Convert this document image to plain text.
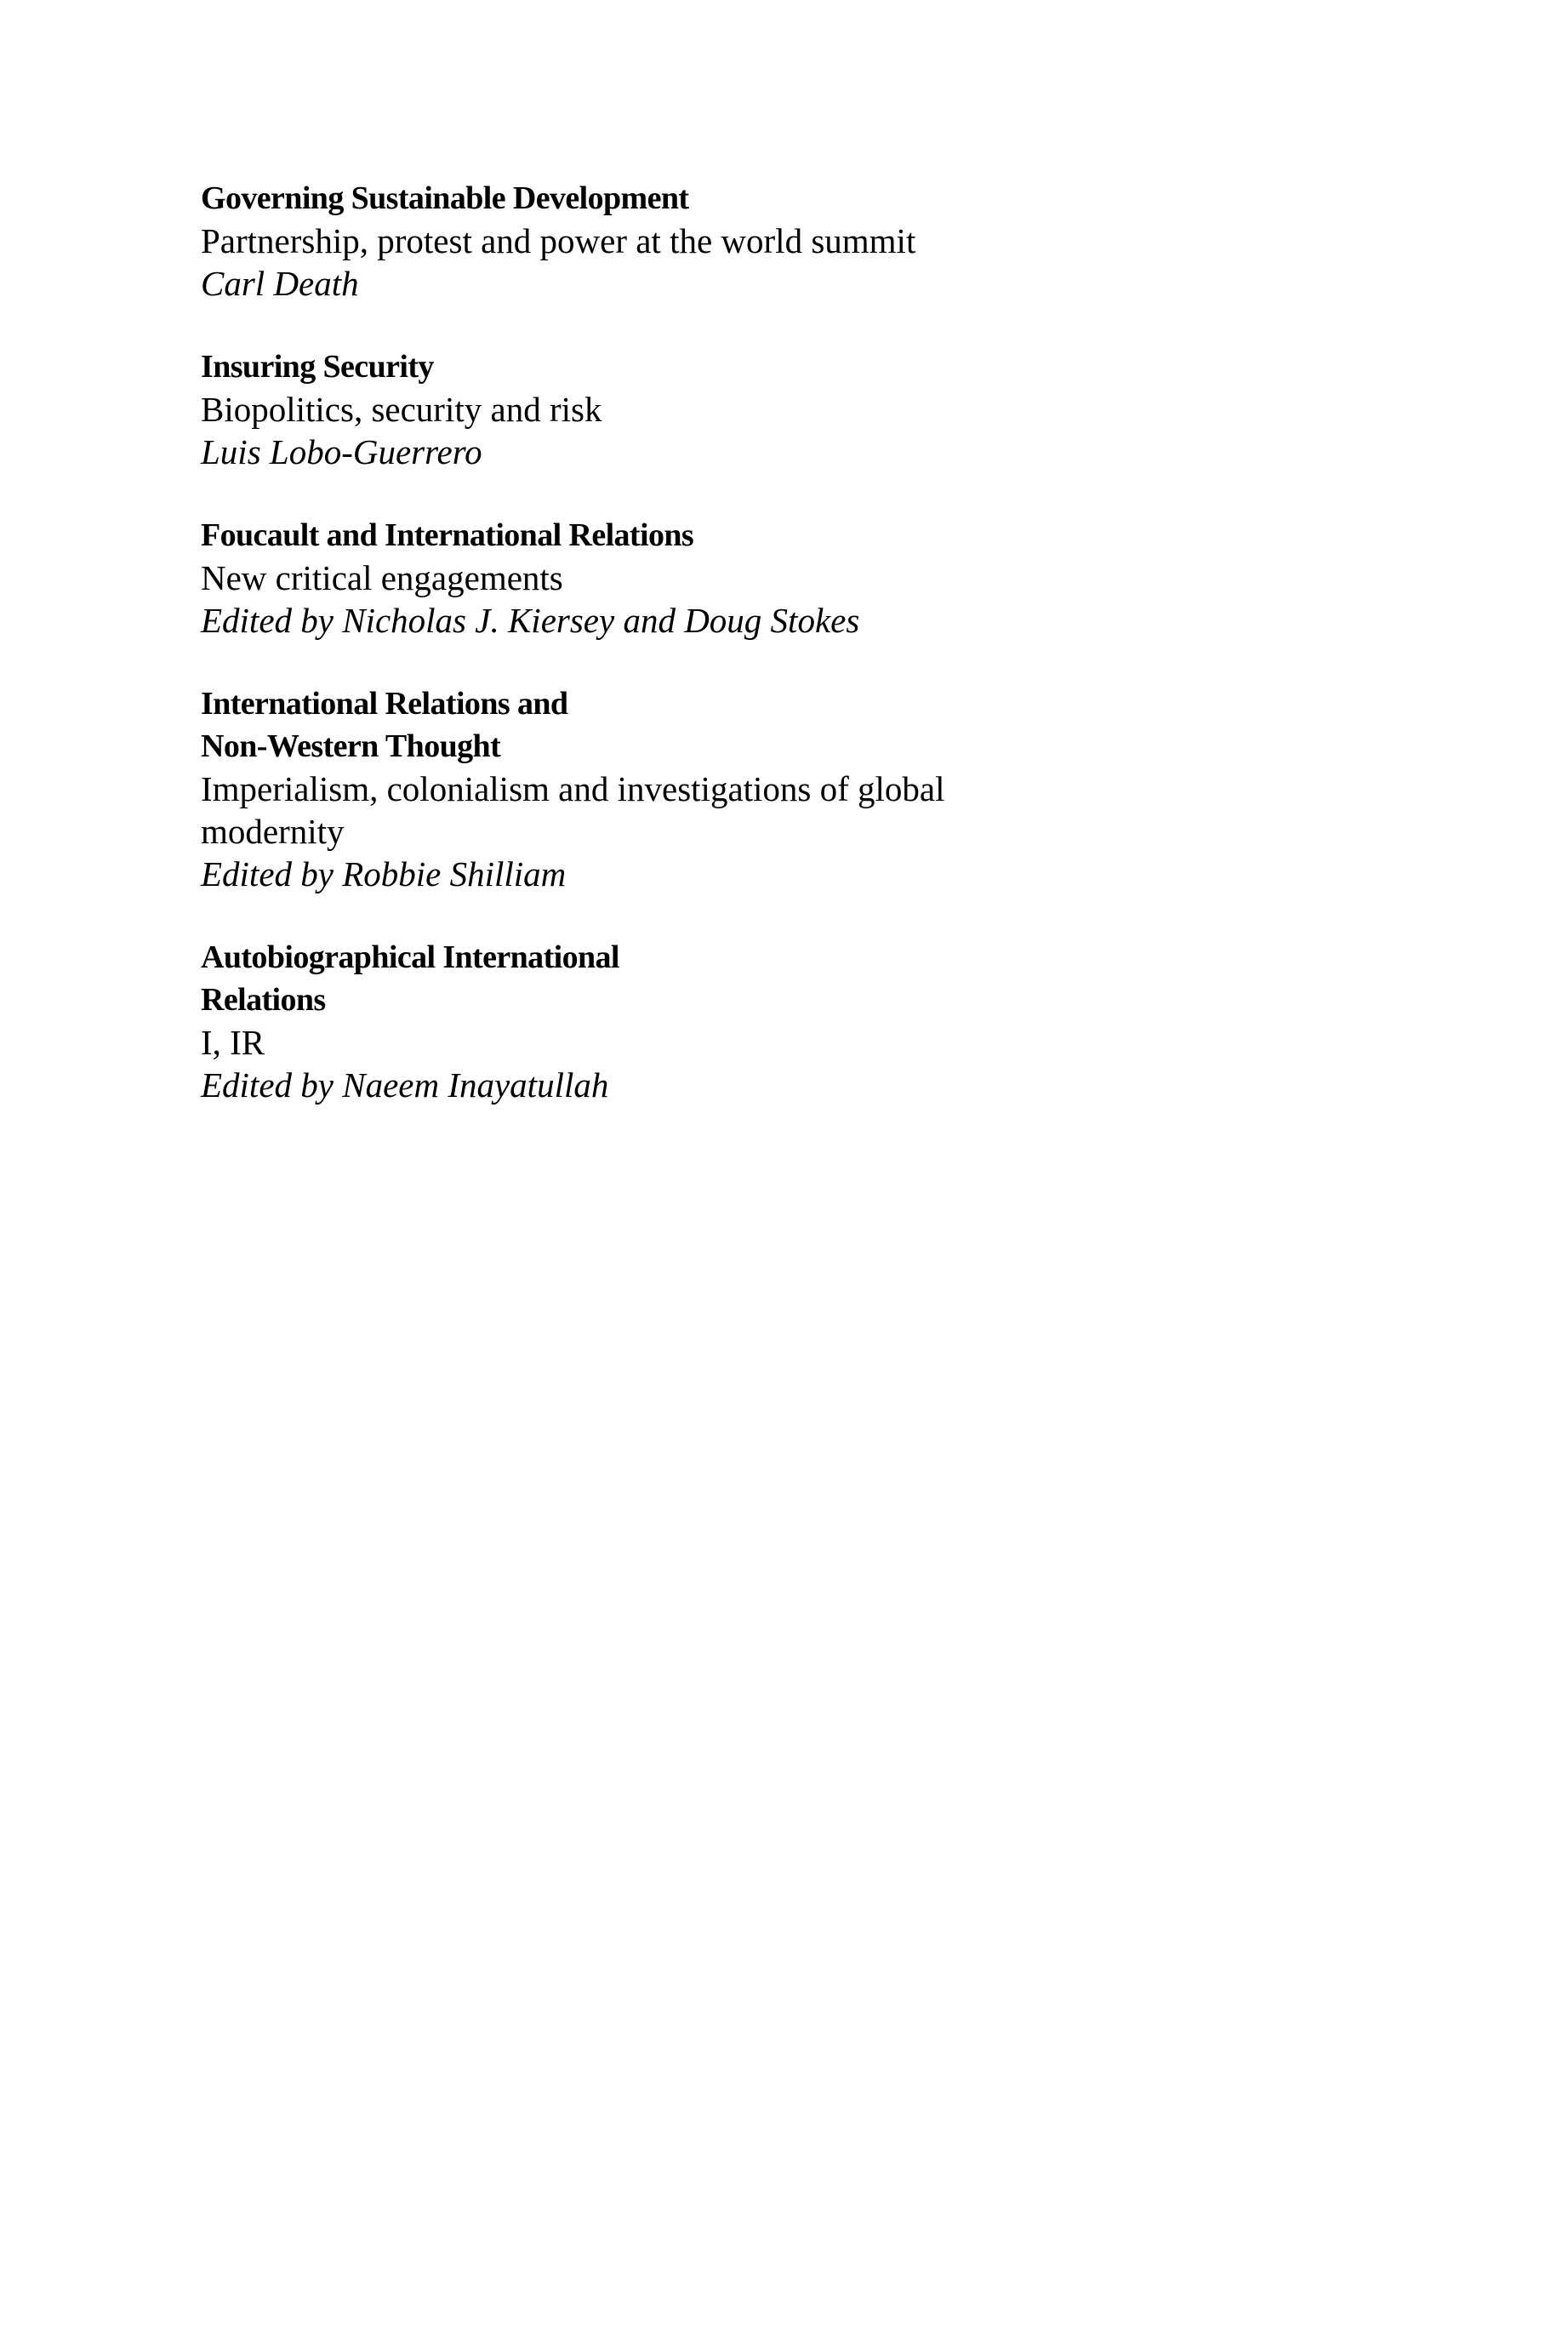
Governing Sustainable Development
Partnership, protest and power at the world summit
Carl Death
Insuring Security
Biopolitics, security and risk
Luis Lobo-Guerrero
Foucault and International Relations
New critical engagements
Edited by Nicholas J. Kiersey and Doug Stokes
International Relations and
Non-Western Thought
Imperialism, colonialism and investigations of global
modernity
Edited by Robbie Shilliam
Autobiographical International
Relations
I, IR
Edited by Naeem Inayatullah
